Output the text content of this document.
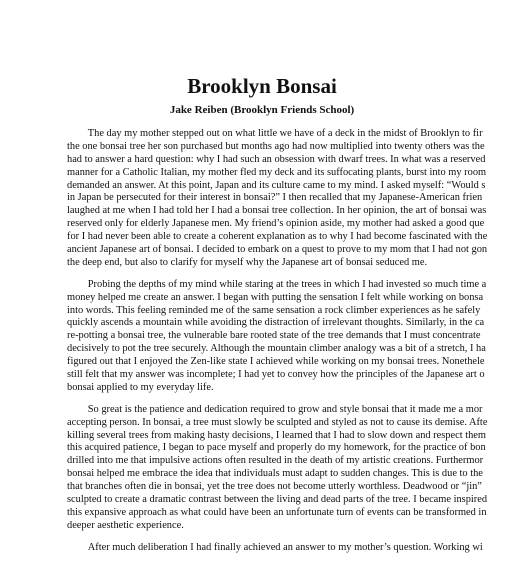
Brooklyn Bonsai
Jake Reiben (Brooklyn Friends School)
The day my mother stepped out on what little we have of a deck in the midst of Brooklyn to fir
the one bonsai tree her son purchased but months ago had now multiplied into twenty others was the
had to answer a hard question: why I had such an obsession with dwarf trees. In what was a reserved
manner for a Catholic Italian, my mother fled my deck and its suffocating plants, burst into my room
demanded an answer. At this point, Japan and its culture came to my mind. I asked myself: “Would s
in Japan be persecuted for their interest in bonsai?” I then recalled that my Japanese-American frien
laughed at me when I had told her I had a bonsai tree collection. In her opinion, the art of bonsai was
reserved only for elderly Japanese men. My friend’s opinion aside, my mother had asked a good que
for I had never been able to create a coherent explanation as to why I had become fascinated with the
ancient Japanese art of bonsai. I decided to embark on a quest to prove to my mom that I had not gon
the deep end, but also to clarify for myself why the Japanese art of bonsai seduced me.
Probing the depths of my mind while staring at the trees in which I had invested so much time a
money helped me create an answer. I began with putting the sensation I felt while working on bonsa
into words. This feeling reminded me of the same sensation a rock climber experiences as he safely
quickly ascends a mountain while avoiding the distraction of irrelevant thoughts. Similarly, in the ca
re-potting a bonsai tree, the vulnerable bare rooted state of the tree demands that I must concentrate
decisively to pot the tree securely. Although the mountain climber analogy was a bit of a stretch, I ha
figured out that I enjoyed the Zen-like state I achieved while working on my bonsai trees. Nonethele
still felt that my answer was incomplete; I had yet to convey how the principles of the Japanese art o
bonsai applied to my everyday life.
So great is the patience and dedication required to grow and style bonsai that it made me a mor
accepting person. In bonsai, a tree must slowly be sculpted and styled as not to cause its demise. Afte
killing several trees from making hasty decisions, I learned that I had to slow down and respect them
this acquired patience, I began to pace myself and properly do my homework, for the practice of bon
drilled into me that impulsive actions often resulted in the death of my artistic creations. Furthermor
bonsai helped me embrace the idea that individuals must adapt to sudden changes. This is due to the
that branches often die in bonsai, yet the tree does not become utterly worthless. Deadwood or “jin”
sculpted to create a dramatic contrast between the living and dead parts of the tree. I became inspired
this expansive approach as what could have been an unfortunate turn of events can be transformed in
deeper aesthetic experience.
After much deliberation I had finally achieved an answer to my mother’s question. Working wi
